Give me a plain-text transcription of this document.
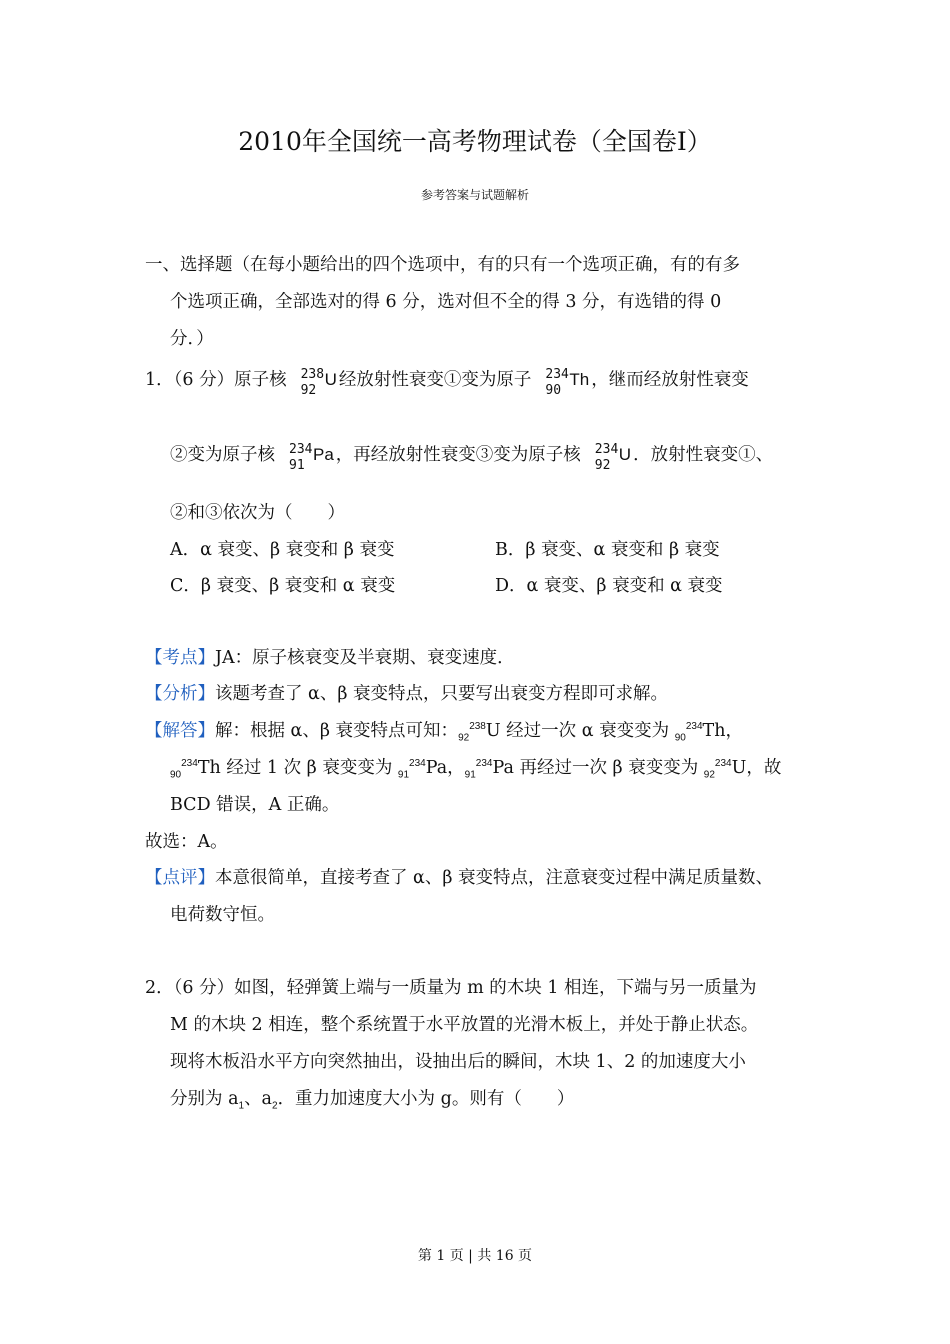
2010年全国统一高考物理试卷（全国卷Ⅰ）
参考答案与试题解析
一、选择题（在每小题给出的四个选项中，有的只有一个选项正确，有的有多
个选项正确，全部选对的得 6 分，选对但不全的得 3 分，有选错的得 0
分．）
1．（6 分）原子核 238
92
U 经放射性衰变①变为原子 234
90
Th ，继而经放射性衰变
②变为原子核 234
91
Pa ，再经放射性衰变③变为原子核 234
92
U ．放射性衰变①、
②和③依次为（　　）
A．α 衰变、β 衰变和 β 衰变	B．β 衰变、α 衰变和 β 衰变
C．β 衰变、β 衰变和 α 衰变	D．α 衰变、β 衰变和 α 衰变
【考点】JA：原子核衰变及半衰期、衰变速度．
【分析】该题考查了 α、β 衰变特点，只要写出衰变方程即可求解。
【解答】解：根据 α、β 衰变特点可知：$_{92}^{238}$U 经过一次 α 衰变变为 $_{90}^{234}$Th，
$_{90}^{234}$Th 经过 1 次 β 衰变变为 $_{91}^{234}$Pa，$_{91}^{234}$Pa 再经过一次 β 衰变变为 $_{92}^{234}$U，故
BCD 错误，A 正确。
故选：A。
【点评】本意很简单，直接考查了 α、β 衰变特点，注意衰变过程中满足质量数、
电荷数守恒。
2．（6 分）如图，轻弹簧上端与一质量为 m 的木块 1 相连，下端与另一质量为
M 的木块 2 相连，整个系统置于水平放置的光滑木板上，并处于静止状态。
现将木板沿水平方向突然抽出，设抽出后的瞬间，木块 1、2 的加速度大小
分别为 $a_1$、$a_2$．重力加速度大小为 g。则有（　　）
第 1 页 | 共 16 页
